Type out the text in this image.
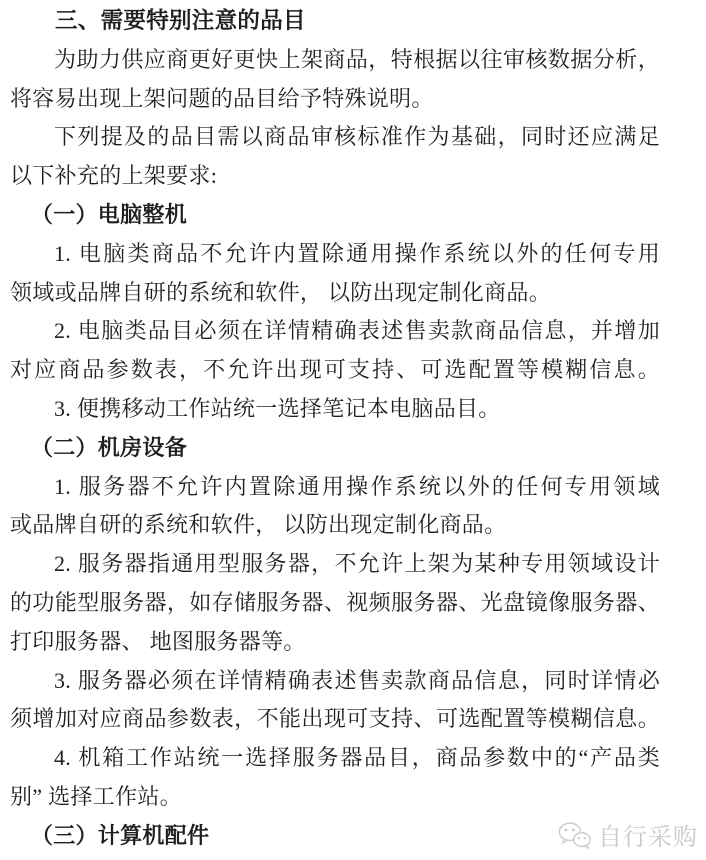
三、需要特别注意的品目
为助力供应商更好更快上架商品，特根据以往审核数据分析，
将容易出现上架问题的品目给予特殊说明。
下列提及的品目需以商品审核标准作为基础，同时还应满足
以下补充的上架要求:
（一）电脑整机
1. 电脑类商品不允许内置除通用操作系统以外的任何专用
领域或品牌自研的系统和软件， 以防出现定制化商品。
2. 电脑类品目必须在详情精确表述售卖款商品信息，并增加
对应商品参数表，不允许出现可支持、可选配置等模糊信息。
3. 便携移动工作站统一选择笔记本电脑品目。
（二）机房设备
1. 服务器不允许内置除通用操作系统以外的任何专用领域
或品牌自研的系统和软件， 以防出现定制化商品。
2. 服务器指通用型服务器，不允许上架为某种专用领域设计
的功能型服务器，如存储服务器、视频服务器、光盘镜像服务器、
打印服务器、 地图服务器等。
3. 服务器必须在详情精确表述售卖款商品信息，同时详情必
须增加对应商品参数表，不能出现可支持、可选配置等模糊信息。
4. 机箱工作站统一选择服务器品目，商品参数中的“产品类
别” 选择工作站。
（三）计算机配件	自行采购
